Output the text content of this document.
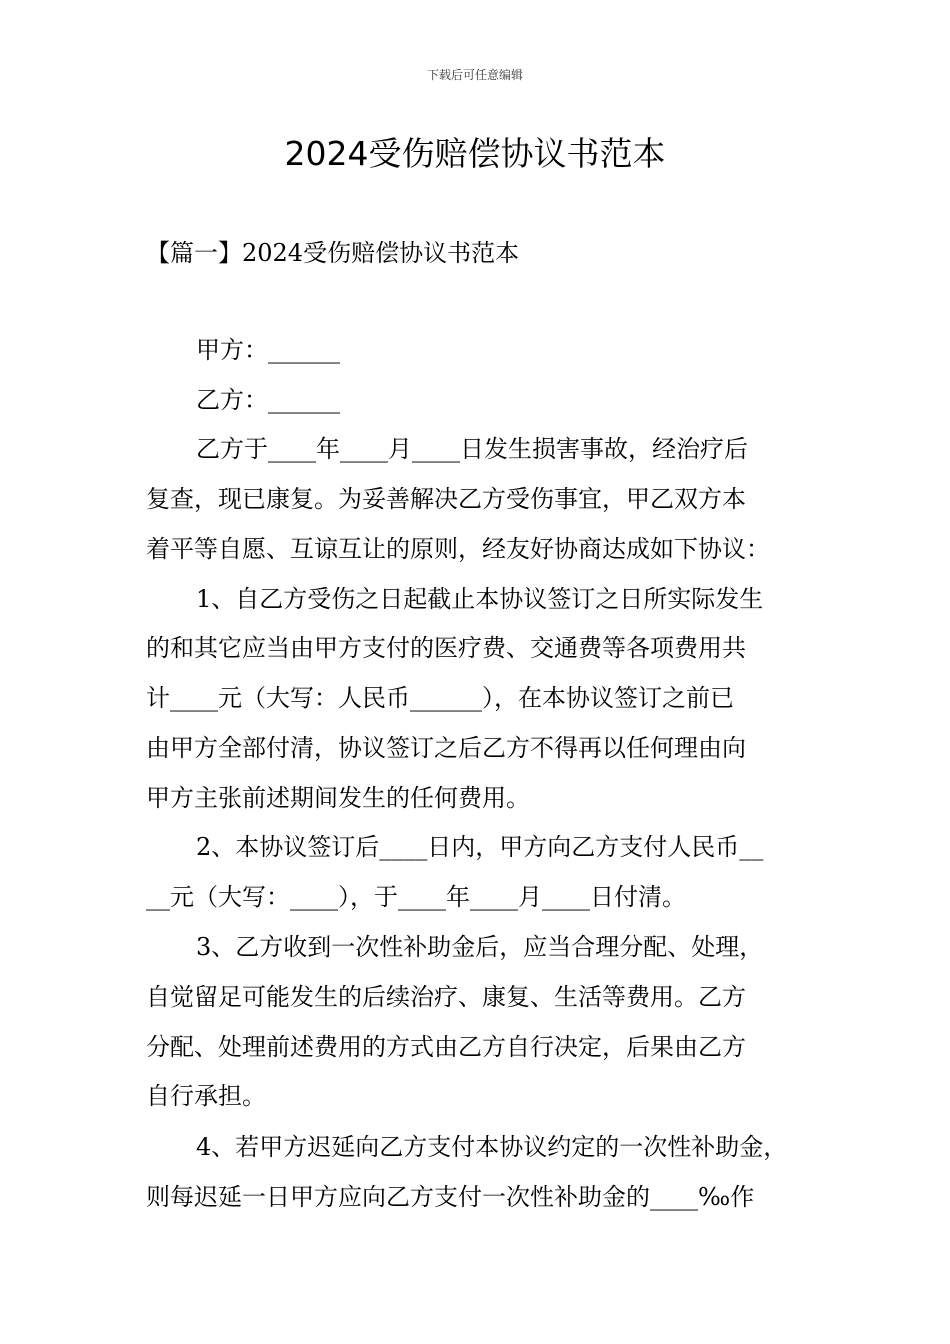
下载后可任意编辑
2024受伤赔偿协议书范本
【篇一】2024受伤赔偿协议书范本
甲方：______
乙方：______
乙方于____年____月____日发生损害事故，经治疗后
复查，现已康复。为妥善解决乙方受伤事宜，甲乙双方本
着平等自愿、互谅互让的原则，经友好协商达成如下协议：
1、自乙方受伤之日起截止本协议签订之日所实际发生
的和其它应当由甲方支付的医疗费、交通费等各项费用共
计____元（大写：人民币______），在本协议签订之前已
由甲方全部付清，协议签订之后乙方不得再以任何理由向
甲方主张前述期间发生的任何费用。
2、本协议签订后____日内，甲方向乙方支付人民币__
__元（大写：____），于____年____月____日付清。
3、乙方收到一次性补助金后，应当合理分配、处理，
自觉留足可能发生的后续治疗、康复、生活等费用。乙方
分配、处理前述费用的方式由乙方自行决定，后果由乙方
自行承担。
4、若甲方迟延向乙方支付本协议约定的一次性补助金，
则每迟延一日甲方应向乙方支付一次性补助金的____‰作
